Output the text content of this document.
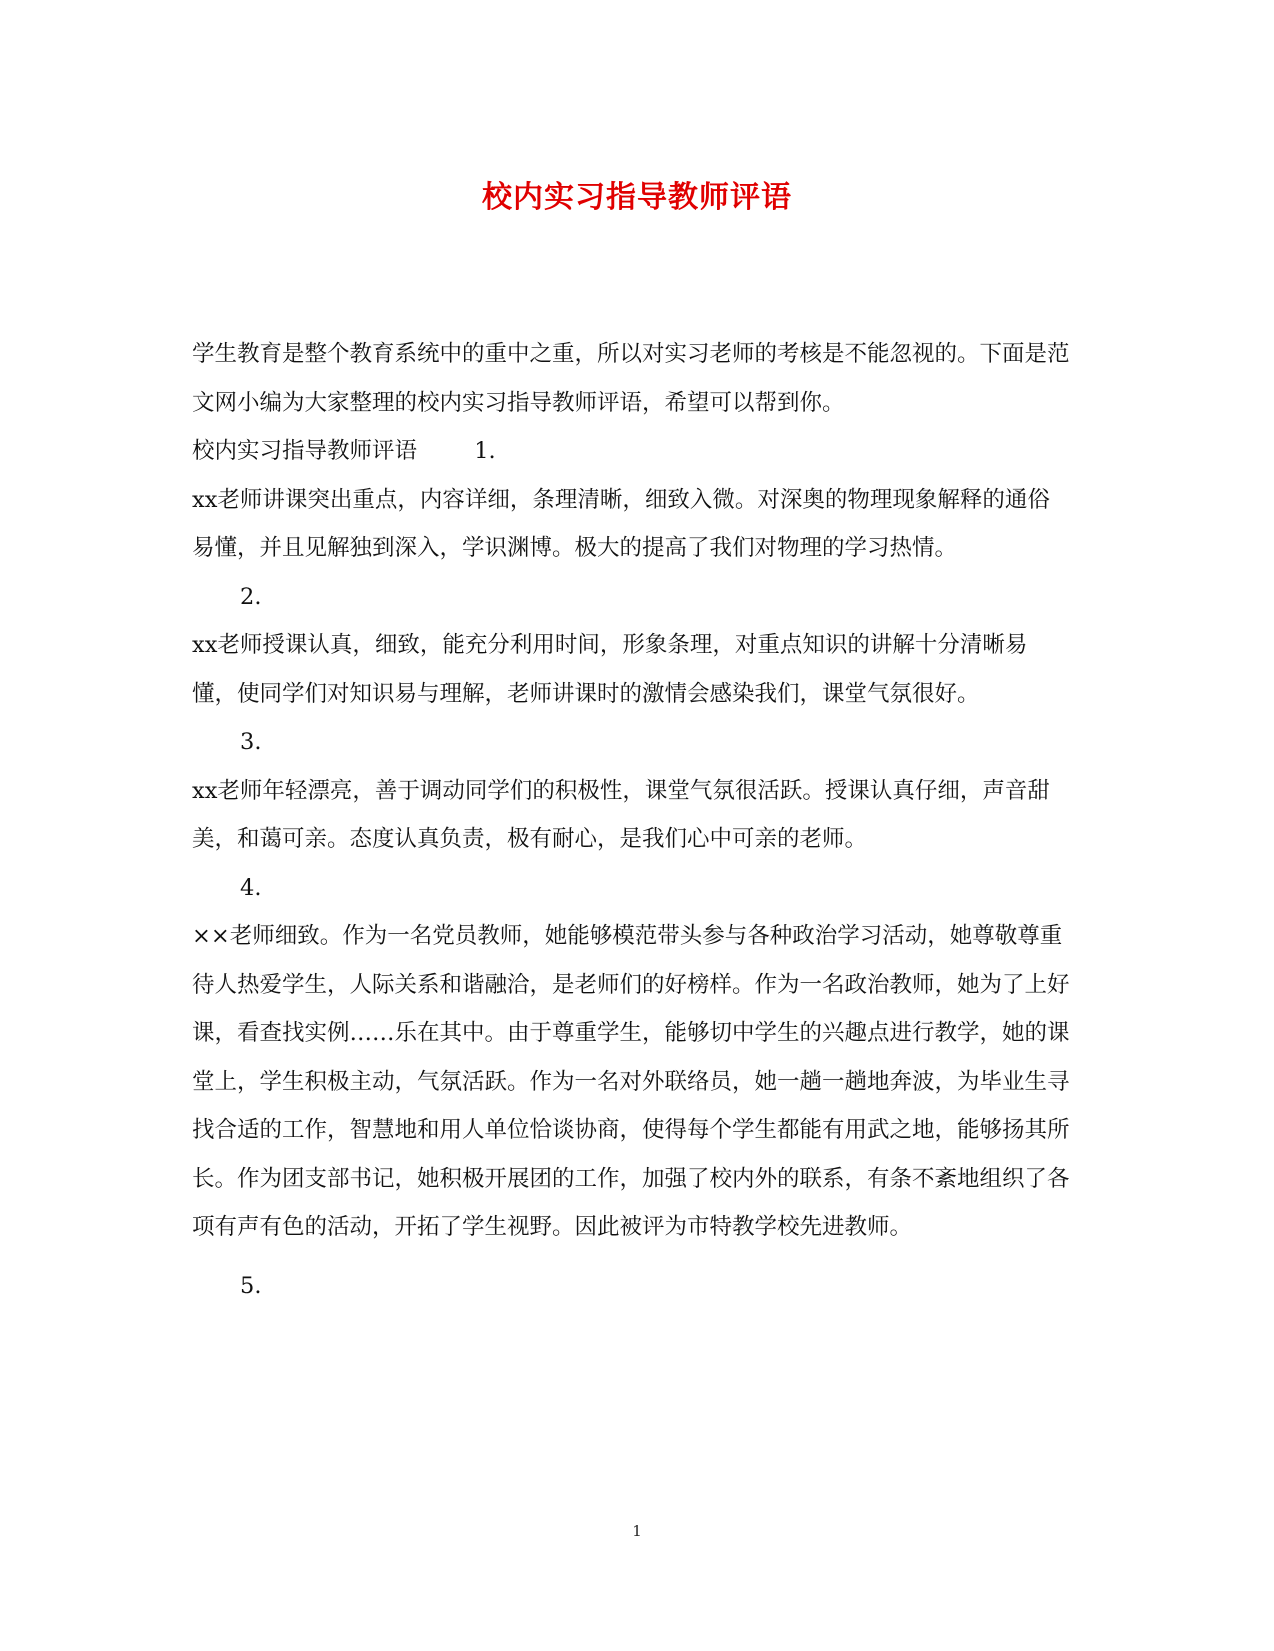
校内实习指导教师评语

学生教育是整个教育系统中的重中之重，所以对实习老师的考核是不能忽视的。下面是范文网小编为大家整理的校内实习指导教师评语，希望可以帮到你。

校内实习指导教师评语	1.

xx老师讲课突出重点，内容详细，条理清晰，细致入微。对深奥的物理现象解释的通俗易懂，并且见解独到深入，学识渊博。极大的提高了我们对物理的学习热情。

2.

xx老师授课认真，细致，能充分利用时间，形象条理，对重点知识的讲解十分清晰易懂，使同学们对知识易与理解，老师讲课时的激情会感染我们，课堂气氛很好。

3.

xx老师年轻漂亮，善于调动同学们的积极性，课堂气氛很活跃。授课认真仔细，声音甜美，和蔼可亲。态度认真负责，极有耐心，是我们心中可亲的老师。

4.

××老师细致。作为一名党员教师，她能够模范带头参与各种政治学习活动，她尊敬尊重待人热爱学生，人际关系和谐融洽，是老师们的好榜样。作为一名政治教师，她为了上好课，看查找实例……乐在其中。由于尊重学生，能够切中学生的兴趣点进行教学，她的课堂上，学生积极主动，气氛活跃。作为一名对外联络员，她一趟一趟地奔波，为毕业生寻找合适的工作，智慧地和用人单位恰谈协商，使得每个学生都能有用武之地，能够扬其所长。作为团支部书记，她积极开展团的工作，加强了校内外的联系，有条不紊地组织了各项有声有色的活动，开拓了学生视野。因此被评为市特教学校先进教师。

5.

1
